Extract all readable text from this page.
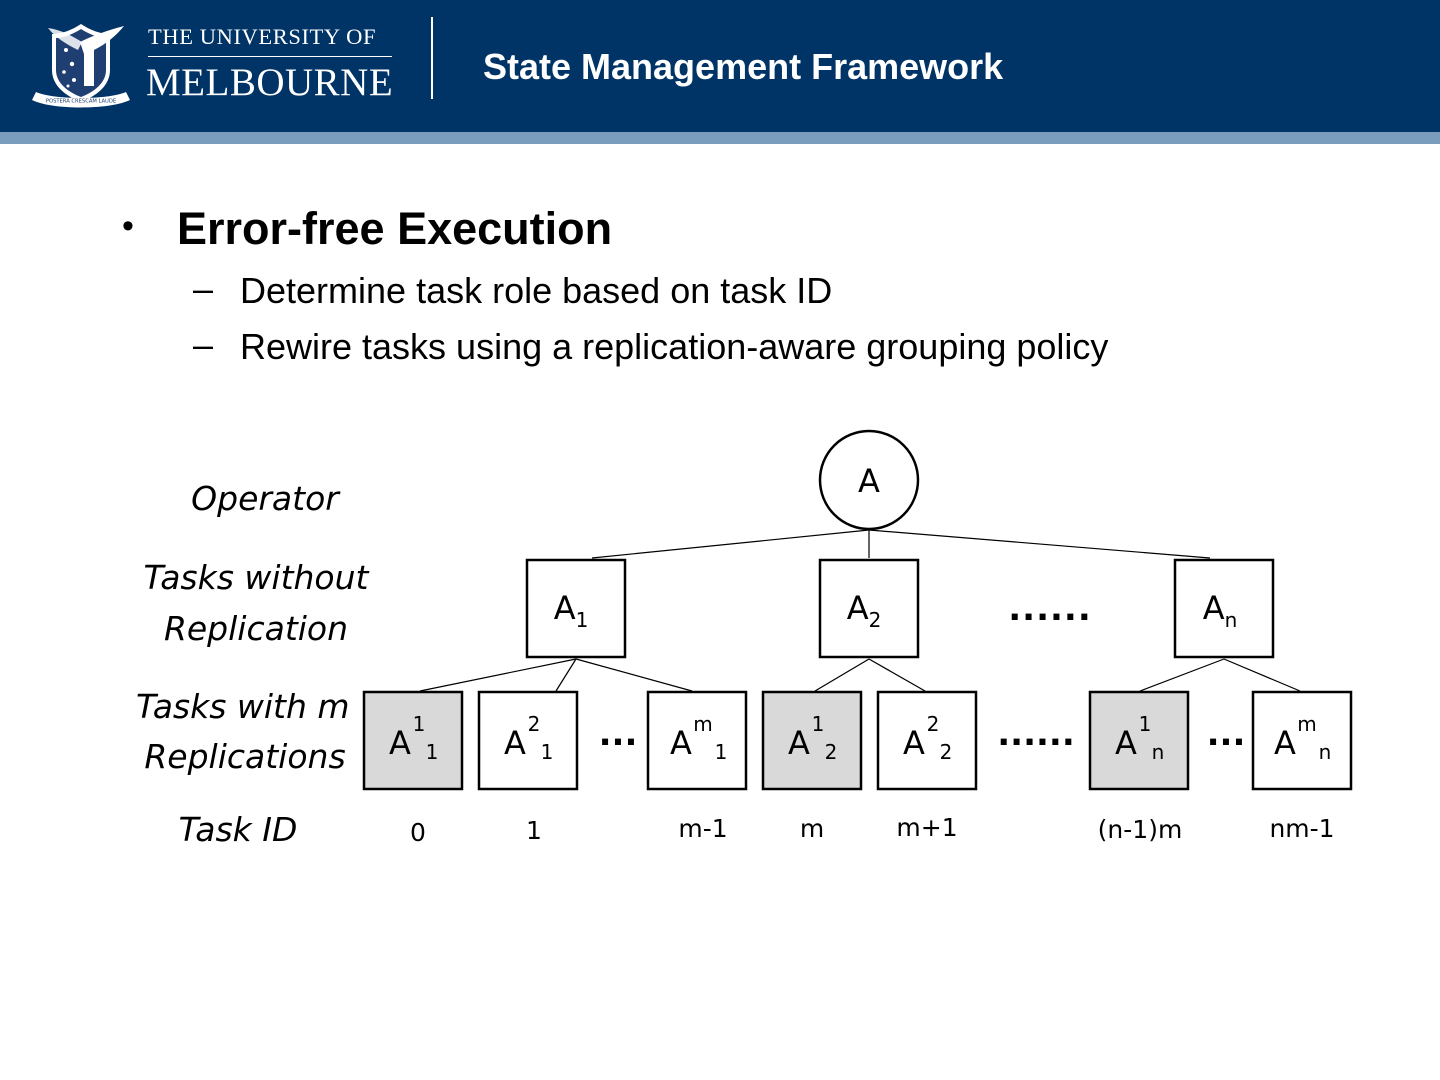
POSTERA CRESCAM LAUDE
THE UNIVERSITY OF
MELBOURNE State Management Framework
• Error-free Execution
– Determine task role based on task ID
– Rewire tasks using a replication-aware grouping policy
Operator
Tasks without
Replication
Tasks with m
Replications
Task ID
A
$A_1$	$A_2$	......	$A_n$
A 1
1 A 2
1 ... A m
1 A 1
2 A 2
2 ...... A 1
n ... A m
n
0	1	m-1	m	m+1	(n-1)m	nm-1
